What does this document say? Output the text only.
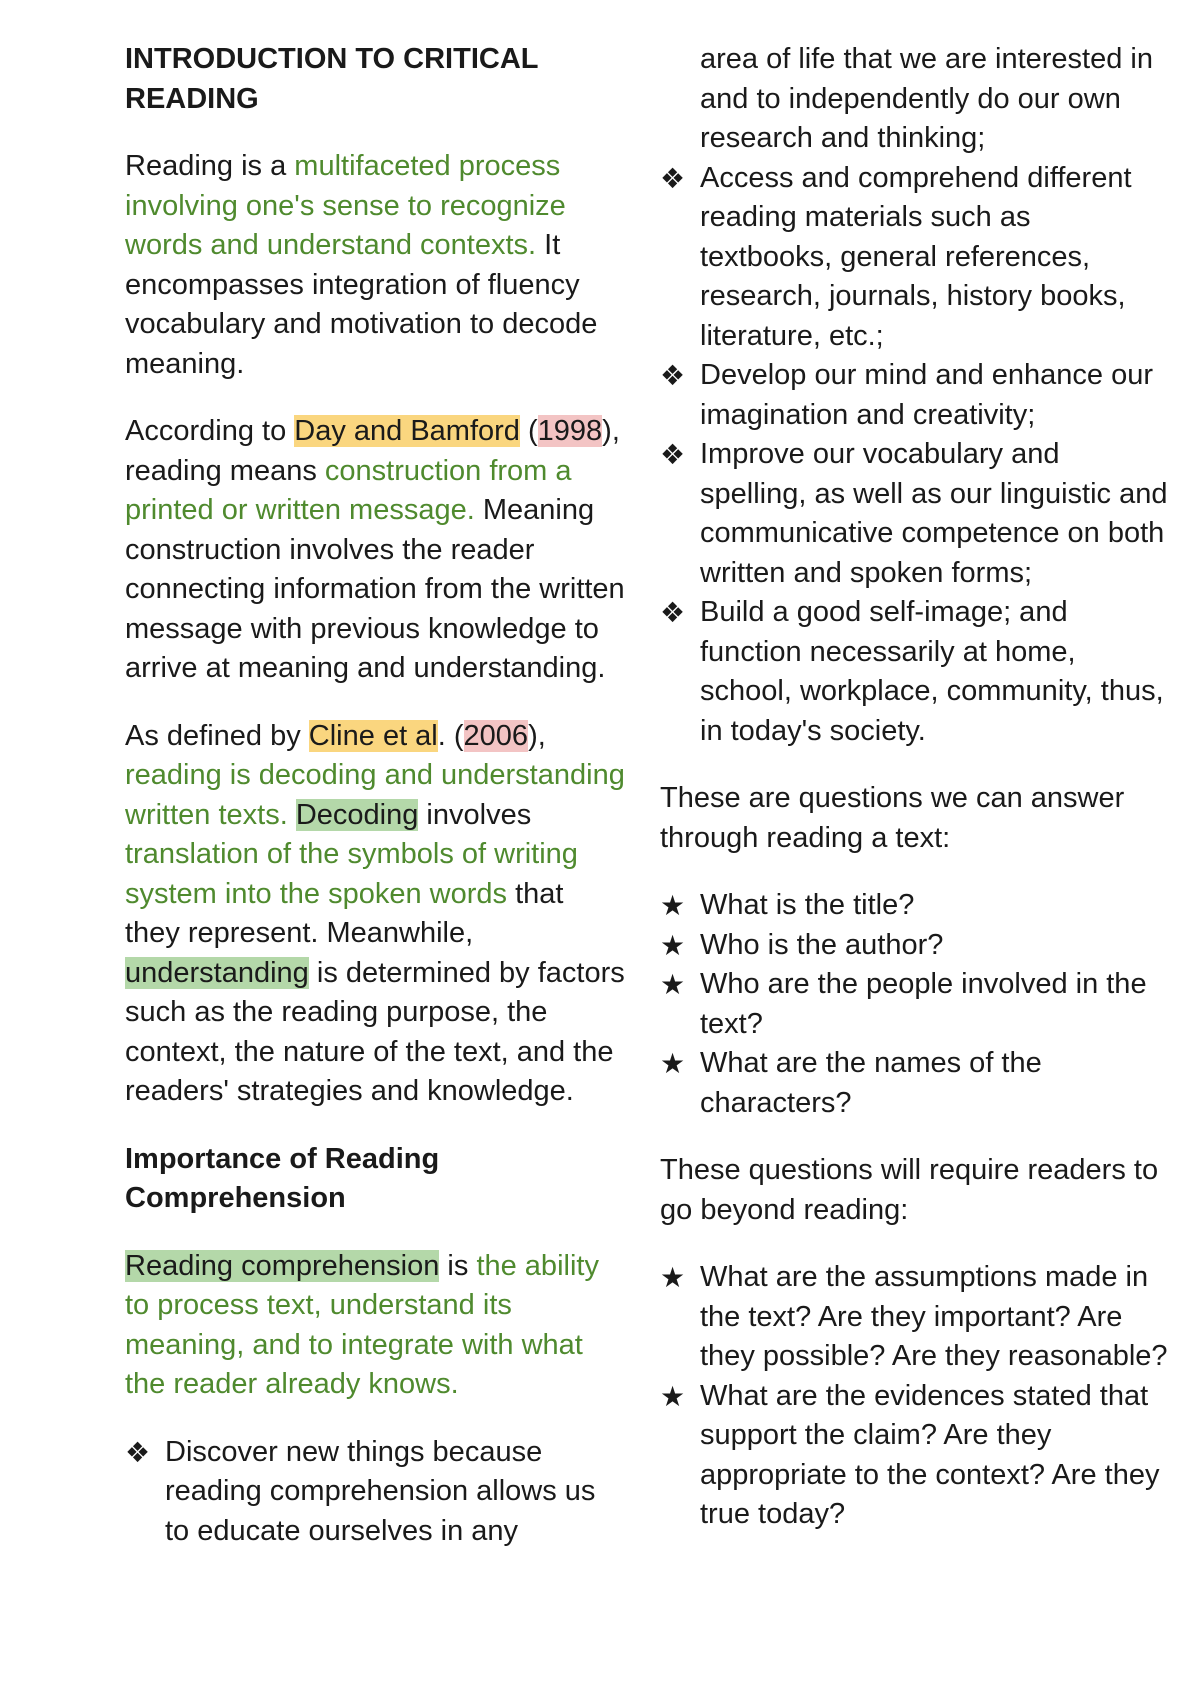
INTRODUCTION TO CRITICAL READING

Reading is a multifaceted process involving one's sense to recognize words and understand contexts. It encompasses integration of fluency vocabulary and motivation to decode meaning.

According to Day and Bamford (1998), reading means construction from a printed or written message. Meaning construction involves the reader connecting information from the written message with previous knowledge to arrive at meaning and understanding.

As defined by Cline et al. (2006), reading is decoding and understanding written texts. Decoding involves translation of the symbols of writing system into the spoken words that they represent. Meanwhile, understanding is determined by factors such as the reading purpose, the context, the nature of the text, and the readers' strategies and knowledge.

Importance of Reading Comprehension

Reading comprehension is the ability to process text, understand its meaning, and to integrate with what the reader already knows.

❖ Discover new things because reading comprehension allows us to educate ourselves in any

area of life that we are interested in and to independently do our own research and thinking;

❖ Access and comprehend different reading materials such as textbooks, general references, research, journals, history books, literature, etc.;
❖ Develop our mind and enhance our imagination and creativity;
❖ Improve our vocabulary and spelling, as well as our linguistic and communicative competence on both written and spoken forms;
❖ Build a good self-image; and function necessarily at home, school, workplace, community, thus, in today's society.

These are questions we can answer through reading a text:

★ What is the title?
★ Who is the author?
★ Who are the people involved in the text?
★ What are the names of the characters?

These questions will require readers to go beyond reading:

★ What are the assumptions made in the text? Are they important? Are they possible? Are they reasonable?
★ What are the evidences stated that support the claim? Are they appropriate to the context? Are they true today?
